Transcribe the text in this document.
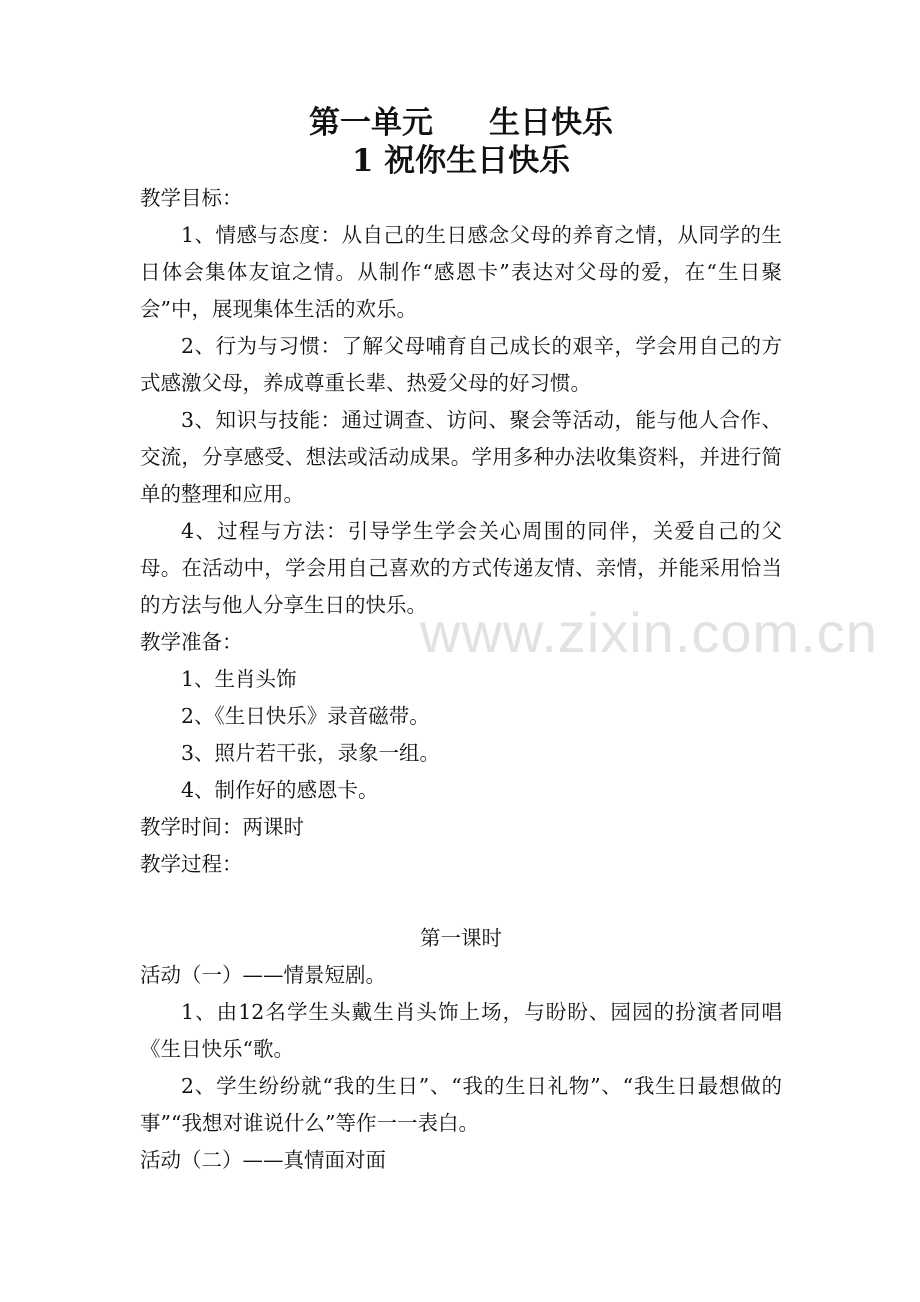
第一单元 生日快乐
1 祝你生日快乐

教学目标：

1、情感与态度：从自己的生日感念父母的养育之情，从同学的生日体会集体友谊之情。从制作“感恩卡”表达对父母的爱，在“生日聚会”中，展现集体生活的欢乐。

2、行为与习惯：了解父母哺育自己成长的艰辛，学会用自己的方式感激父母，养成尊重长辈、热爱父母的好习惯。

3、知识与技能：通过调查、访问、聚会等活动，能与他人合作、交流，分享感受、想法或活动成果。学用多种办法收集资料，并进行简单的整理和应用。

4、过程与方法：引导学生学会关心周围的同伴，关爱自己的父母。在活动中，学会用自己喜欢的方式传递友情、亲情，并能采用恰当的方法与他人分享生日的快乐。

教学准备：

1、生肖头饰

2、《生日快乐》录音磁带。

3、照片若干张，录象一组。

4、制作好的感恩卡。

教学时间：两课时

教学过程：

第一课时

活动（一）——情景短剧。

1、由12名学生头戴生肖头饰上场，与盼盼、园园的扮演者同唱《生日快乐“歌。

2、学生纷纷就“我的生日”、“我的生日礼物”、“我生日最想做的事”“我想对谁说什么”等作一一表白。

活动（二）——真情面对面

www.zixin.com.cn
